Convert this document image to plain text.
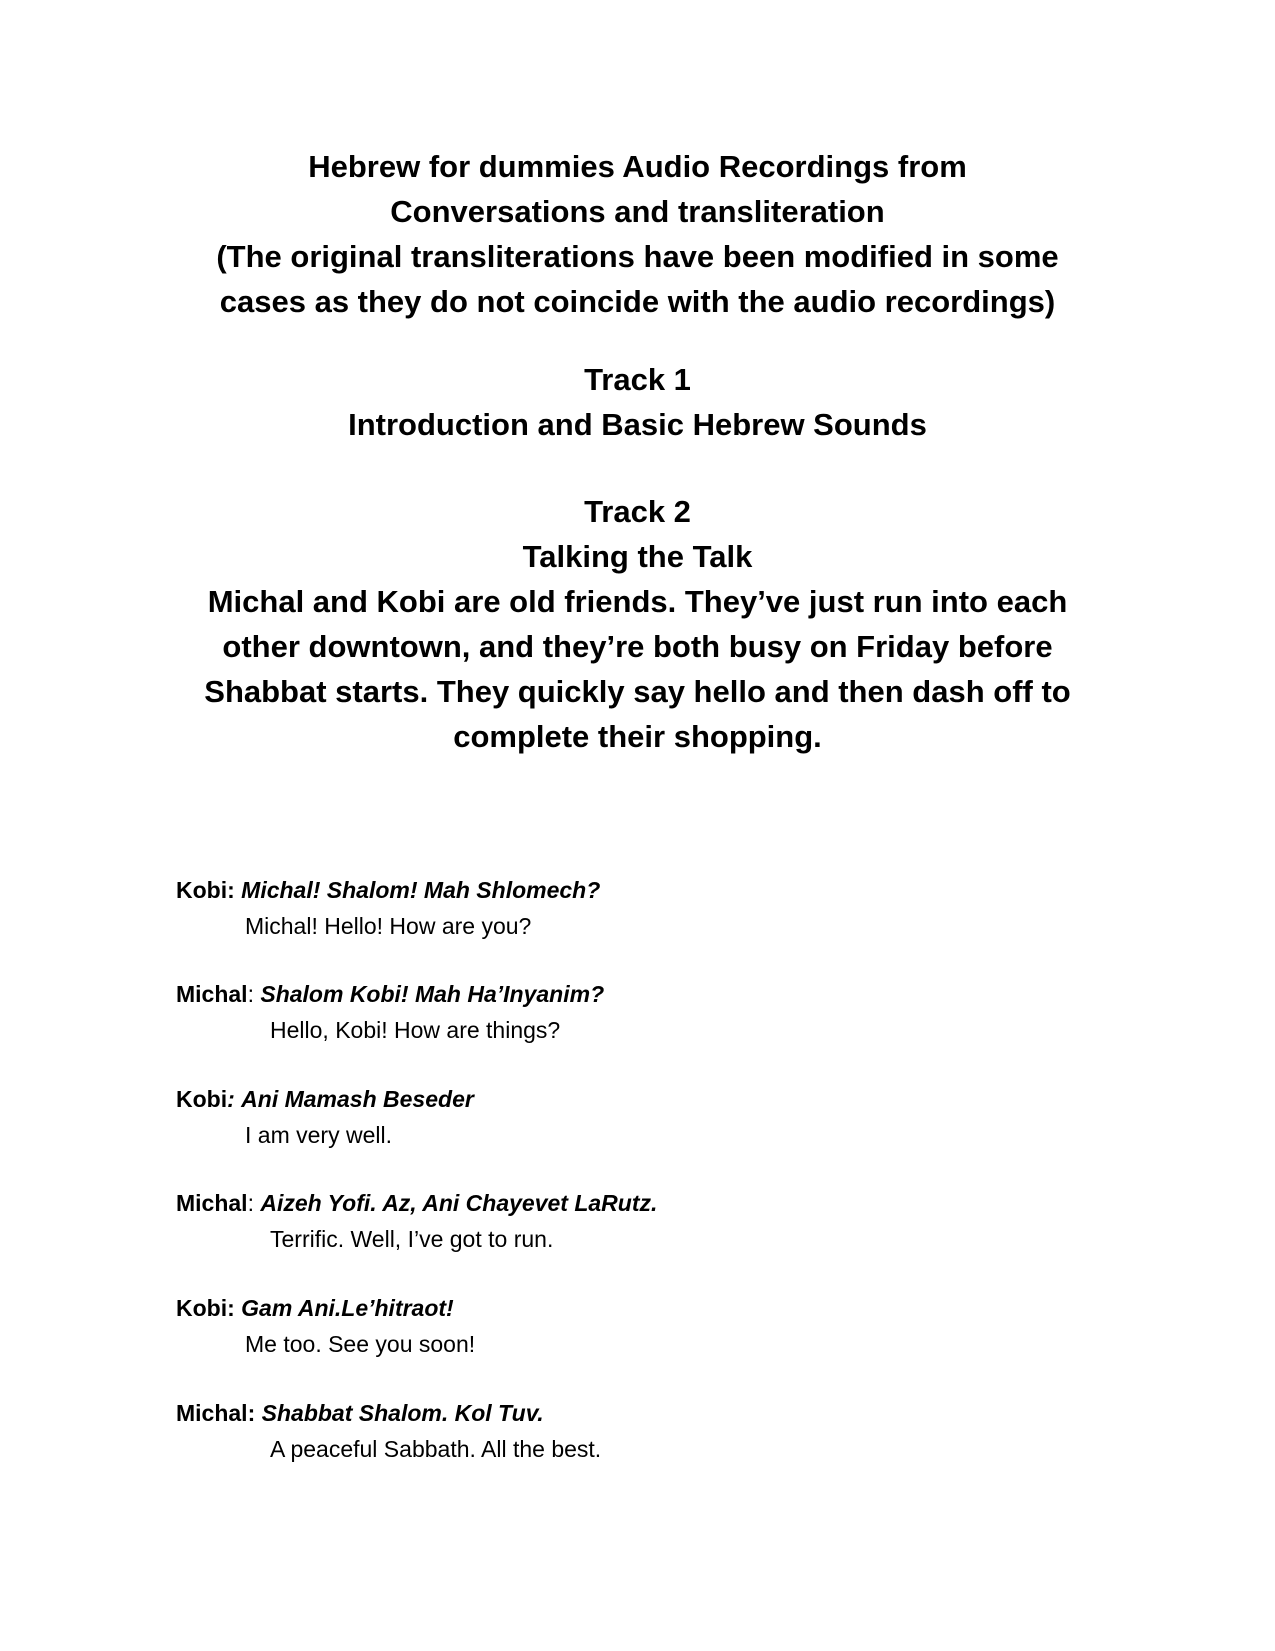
Hebrew for dummies Audio Recordings from
Conversations and transliteration
(The original transliterations have been modified in some
cases as they do not coincide with the audio recordings)
Track 1
Introduction and Basic Hebrew Sounds
Track 2
Talking the Talk
Michal and Kobi are old friends. They’ve just run into each
other downtown, and they’re both busy on Friday before
Shabbat starts. They quickly say hello and then dash off to
complete their shopping.
Kobi: Michal! Shalom! Mah Shlomech?
Michal! Hello! How are you?
Michal: Shalom Kobi! Mah Ha’Inyanim?
Hello, Kobi! How are things?
Kobi: Ani Mamash Beseder
I am very well.
Michal: Aizeh Yofi. Az, Ani Chayevet LaRutz.
Terrific. Well, I’ve got to run.
Kobi: Gam Ani.Le’hitraot!
Me too. See you soon!
Michal: Shabbat Shalom. Kol Tuv.
A peaceful Sabbath. All the best.
